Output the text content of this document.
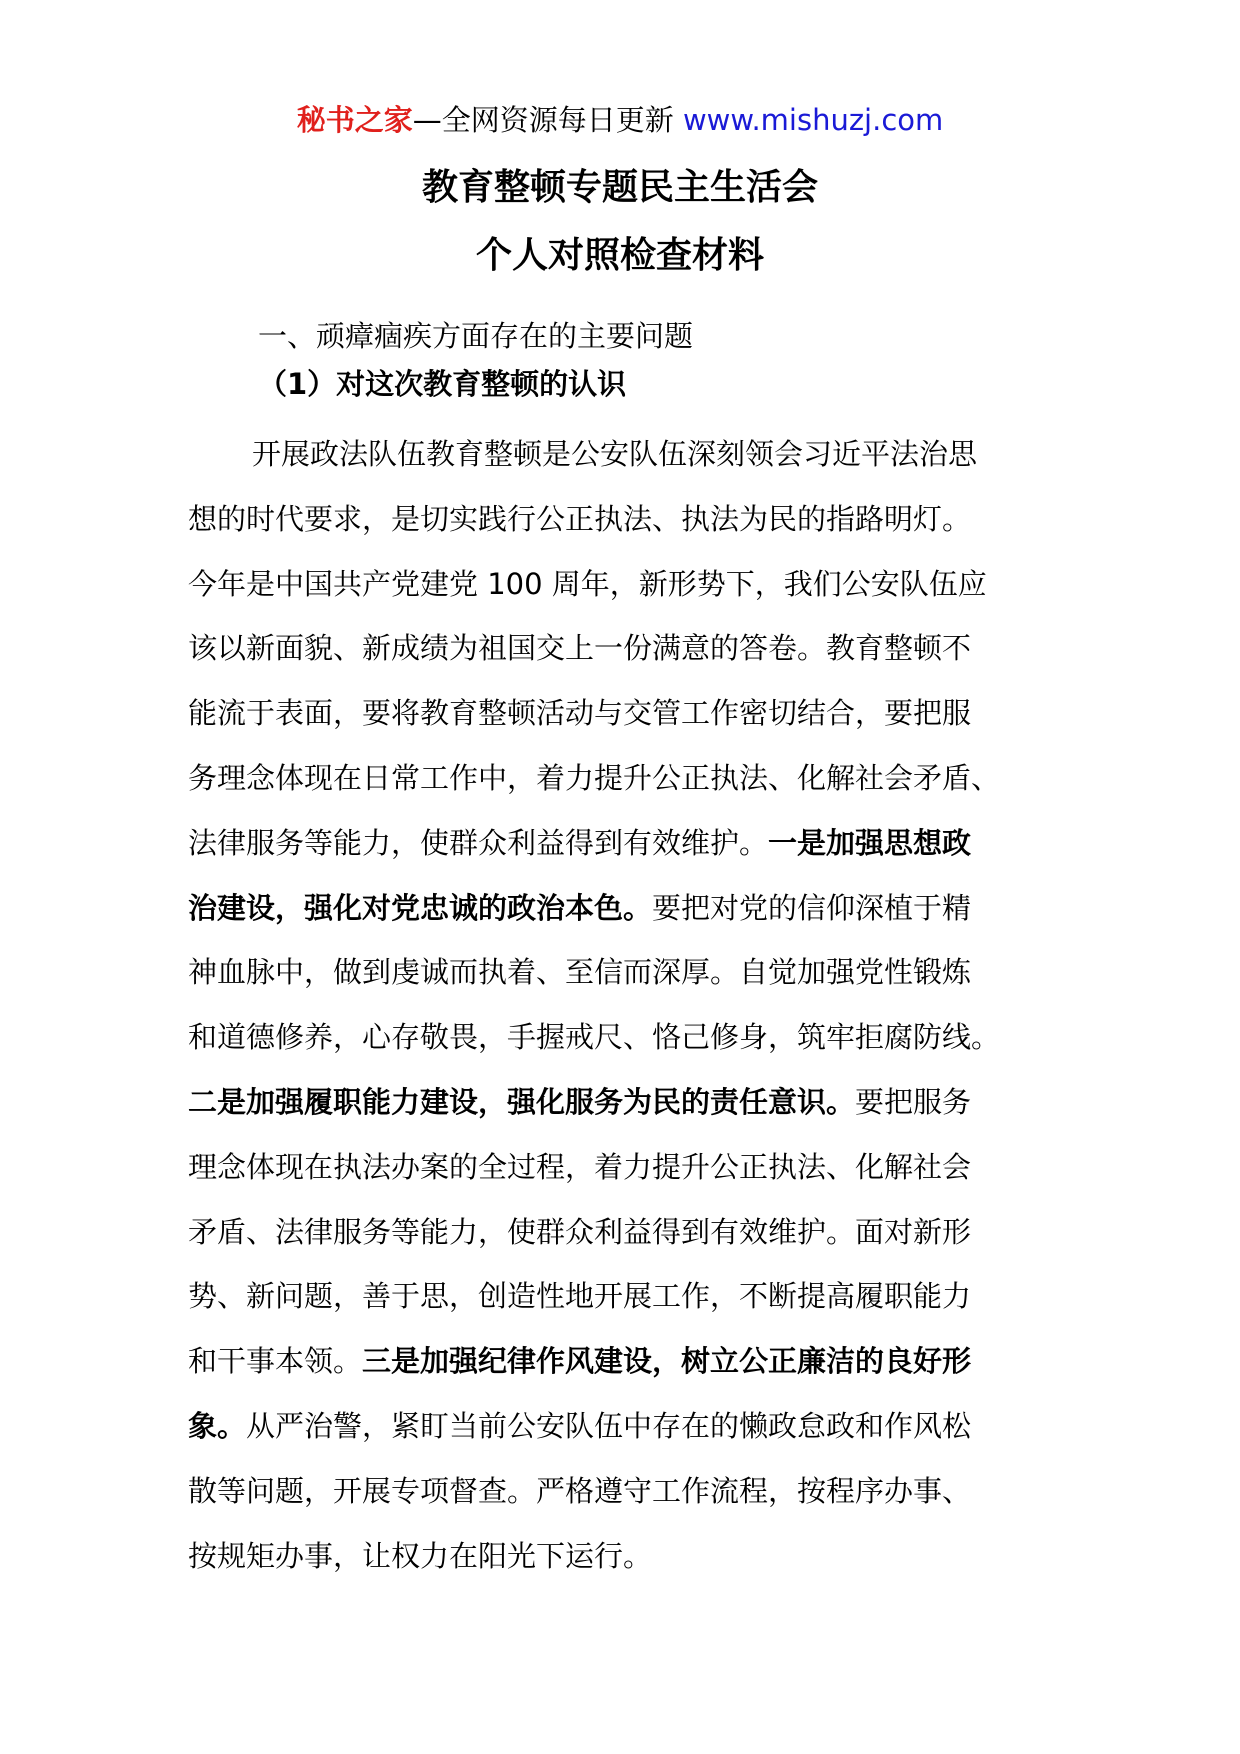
秘书之家—全网资源每日更新 www.mishuzj.com
教育整顿专题民主生活会
个人对照检查材料
一、顽瘴痼疾方面存在的主要问题
（1）对这次教育整顿的认识
开展政法队伍教育整顿是公安队伍深刻领会习近平法治思
想的时代要求，是切实践行公正执法、执法为民的指路明灯。
今年是中国共产党建党 100 周年，新形势下，我们公安队伍应
该以新面貌、新成绩为祖国交上一份满意的答卷。教育整顿不
能流于表面，要将教育整顿活动与交管工作密切结合，要把服
务理念体现在日常工作中，着力提升公正执法、化解社会矛盾、
法律服务等能力，使群众利益得到有效维护。一是加强思想政
治建设，强化对党忠诚的政治本色。要把对党的信仰深植于精
神血脉中，做到虔诚而执着、至信而深厚。自觉加强党性锻炼
和道德修养，心存敬畏，手握戒尺、恪己修身，筑牢拒腐防线。
二是加强履职能力建设，强化服务为民的责任意识。要把服务
理念体现在执法办案的全过程，着力提升公正执法、化解社会
矛盾、法律服务等能力，使群众利益得到有效维护。面对新形
势、新问题，善于思，创造性地开展工作，不断提高履职能力
和干事本领。三是加强纪律作风建设，树立公正廉洁的良好形
象。从严治警，紧盯当前公安队伍中存在的懒政怠政和作风松
散等问题，开展专项督查。严格遵守工作流程，按程序办事、
按规矩办事，让权力在阳光下运行。
